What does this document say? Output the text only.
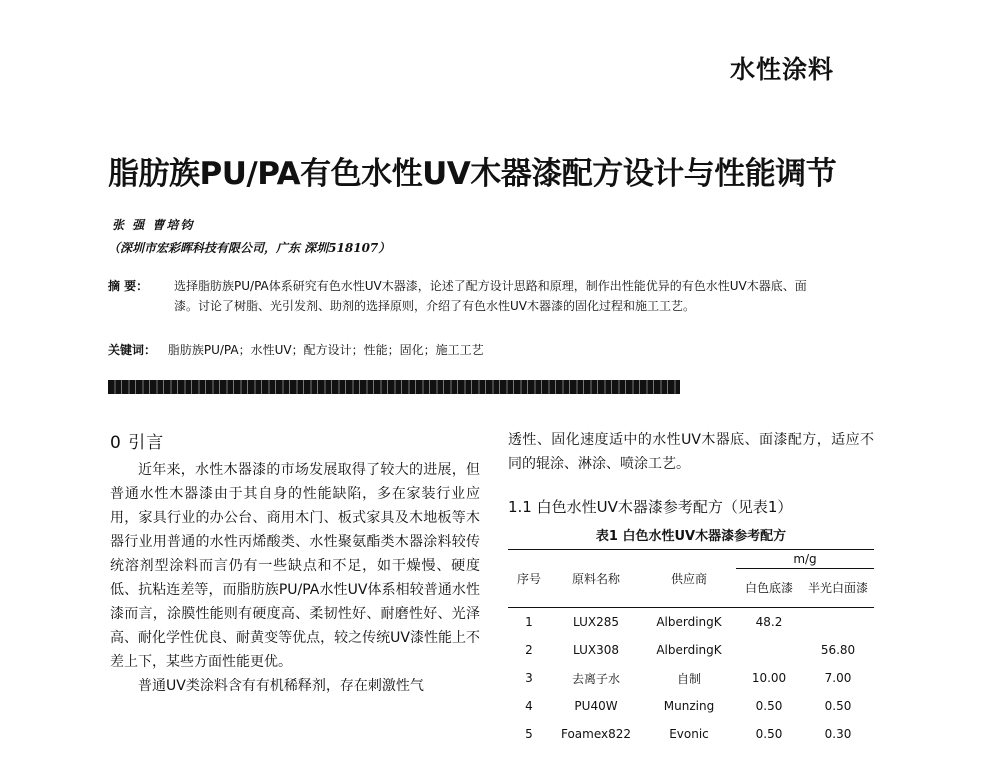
水性涂料
脂肪族PU/PA有色水性UV木器漆配方设计与性能调节
张 强 曹培钧
（深圳市宏彩晖科技有限公司，广东 深圳518107）
摘 要： 选择脂肪族PU/PA体系研究有色水性UV木器漆，论述了配方设计思路和原理，制作出性能优异的有色水性UV木器底、面漆。讨论了树脂、光引发剂、助剂的选择原则，介绍了有色水性UV木器漆的固化过程和施工工艺。
关键词： 脂肪族PU/PA；水性UV；配方设计；性能；固化；施工工艺
0 引言

近年来，水性木器漆的市场发展取得了较大的进展，但普通水性木器漆由于其自身的性能缺陷，多在家装行业应用，家具行业的办公台、商用木门、板式家具及木地板等木器行业用普通的水性丙烯酸类、水性聚氨酯类木器涂料较传统溶剂型涂料而言仍有一些缺点和不足，如干燥慢、硬度低、抗粘连差等，而脂肪族PU/PA水性UV体系相较普通水性漆而言，涂膜性能则有硬度高、柔韧性好、耐磨性好、光泽高、耐化学性优良、耐黄变等优点，较之传统UV漆性能上不差上下，某些方面性能更优。

普通UV类涂料含有有机稀释剂，存在刺激性气

透性、固化速度适中的水性UV木器底、面漆配方，适应不同的辊涂、淋涂、喷涂工艺。

1.1 白色水性UV木器漆参考配方（见表1）
表1 白色水性UV木器漆参考配方
序号	原料名称	供应商	m/g	
			白色底漆	半光白面漆
1	LUX285	AlberdingK	48.2	
2	LUX308	AlberdingK		56.80
3	去离子水	自制	10.00	7.00
4	PU40W	Munzing	0.50	0.50
5	Foamex822	Evonic	0.50	0.30
